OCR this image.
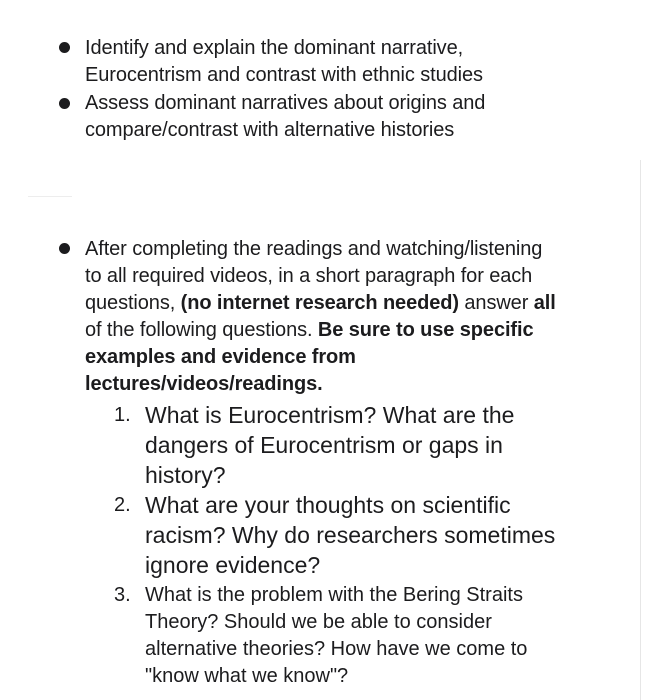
Identify and explain the dominant narrative,
Eurocentrism and contrast with ethnic studies
Assess dominant narratives about origins and
compare/contrast with alternative histories
After completing the readings and watching/listening
to all required videos, in a short paragraph for each
questions, (no internet research needed) answer all
of the following questions. Be sure to use specific
examples and evidence from
lectures/videos/readings.
1. What is Eurocentrism? What are the
dangers of Eurocentrism or gaps in
history?
2. What are your thoughts on scientific
racism? Why do researchers sometimes
ignore evidence?
3. What is the problem with the Bering Straits
Theory? Should we be able to consider
alternative theories? How have we come to
"know what we know"?
